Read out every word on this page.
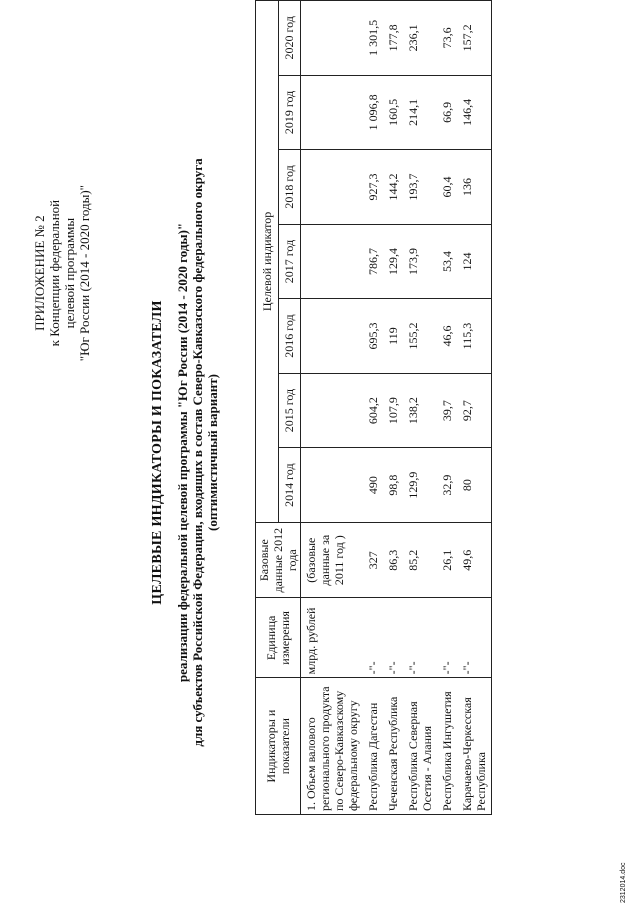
ПРИЛОЖЕНИЕ № 2 к Концепции федеральной целевой программы "Юг России (2014 - 2020 годы)"
ЦЕЛЕВЫЕ ИНДИКАТОРЫ И ПОКАЗАТЕЛИ реализации федеральной целевой программы "Юг России (2014 - 2020 годы)" для субъектов Российской Федерации, входящих в состав Северо-Кавказского федерального округа (оптимистичный вариант)
Индикаторы и показатели	Единица измерения	Базовые данные 2012 года	Целевой индикатор						
			2014 год	2015 год	2016 год	2017 год	2018 год	2019 год	2020 год
1. Объем валового регионального продукта по Северо-Кавказскому федеральному округу	млрд. рублей	(базовые данные за 2011 год )							
Республика Дагестан	-"-	327	490	604,2	695,3	786,7	927,3	1 096,8	1 301,5
Чеченская Республика	-"-	86,3	98,8	107,9	119	129,4	144,2	160,5	177,8
Республика Северная Осетия - Алания	-"-	85,2	129,9	138,2	155,2	173,9	193,7	214,1	236,1
Республика Ингушетия	-"-	26,1	32,9	39,7	46,6	53,4	60,4	66,9	73,6
Карачаево-Черкесская Республика	-"-	49,6	80	92,7	115,3	124	136	146,4	157,2
2312014.doc
